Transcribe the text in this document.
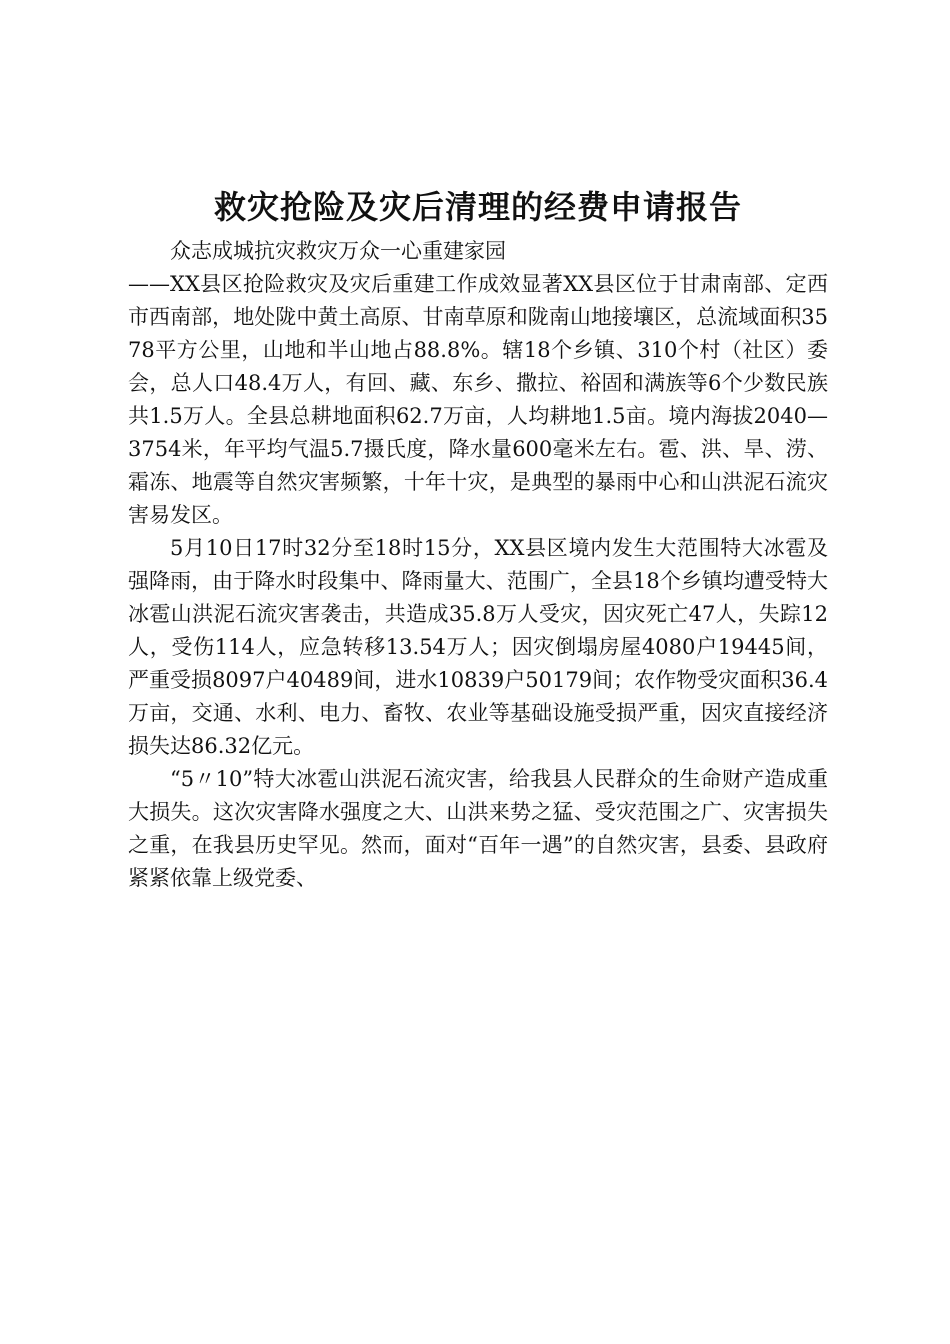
救灾抢险及灾后清理的经费申请报告

众志成城抗灾救灾万众一心重建家园

——XX县区抢险救灾及灾后重建工作成效显著XX县区位于甘肃南部、定西市西南部，地处陇中黄土高原、甘南草原和陇南山地接壤区，总流域面积3578平方公里，山地和半山地占88.8%。辖18个乡镇、310个村（社区）委会，总人口48.4万人，有回、藏、东乡、撒拉、裕固和满族等6个少数民族共1.5万人。全县总耕地面积62.7万亩，人均耕地1.5亩。境内海拔2040—3754米，年平均气温5.7摄氏度，降水量600毫米左右。雹、洪、旱、涝、霜冻、地震等自然灾害频繁，十年十灾，是典型的暴雨中心和山洪泥石流灾害易发区。

5月10日17时32分至18时15分，XX县区境内发生大范围特大冰雹及强降雨，由于降水时段集中、降雨量大、范围广，全县18个乡镇均遭受特大冰雹山洪泥石流灾害袭击，共造成35.8万人受灾，因灾死亡47人，失踪12人，受伤114人，应急转移13.54万人；因灾倒塌房屋4080户19445间，严重受损8097户40489间，进水10839户50179间；农作物受灾面积36.4万亩，交通、水利、电力、畜牧、农业等基础设施受损严重，因灾直接经济损失达86.32亿元。

“5〃10”特大冰雹山洪泥石流灾害，给我县人民群众的生命财产造成重大损失。这次灾害降水强度之大、山洪来势之猛、受灾范围之广、灾害损失之重，在我县历史罕见。然而，面对“百年一遇”的自然灾害，县委、县政府紧紧依靠上级党委、
